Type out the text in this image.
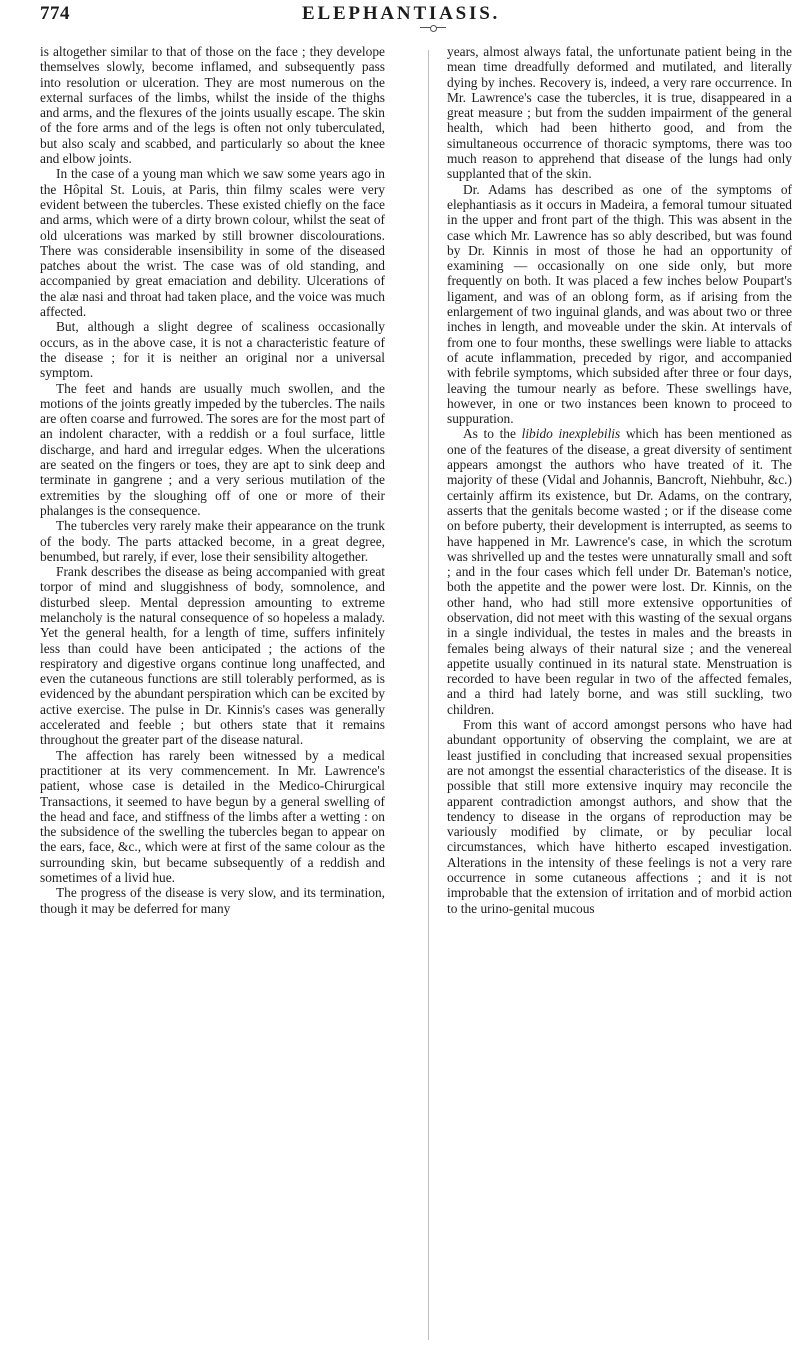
774	ELEPHANTIASIS.

is altogether similar to that of those on the face ; they develope themselves slowly, become inflamed, and subsequently pass into resolution or ulceration. They are most numerous on the external surfaces of the limbs, whilst the inside of the thighs and arms, and the flexures of the joints usually escape. The skin of the fore arms and of the legs is often not only tuberculated, but also scaly and scabbed, and particularly so about the knee and elbow joints.

In the case of a young man which we saw some years ago in the Hôpital St. Louis, at Paris, thin filmy scales were very evident between the tubercles. These existed chiefly on the face and arms, which were of a dirty brown colour, whilst the seat of old ulcerations was marked by still browner discolourations. There was considerable insensibility in some of the diseased patches about the wrist. The case was of old standing, and accompanied by great emaciation and debility. Ulcerations of the alæ nasi and throat had taken place, and the voice was much affected.

But, although a slight degree of scaliness occasionally occurs, as in the above case, it is not a characteristic feature of the disease ; for it is neither an original nor a universal symptom.

The feet and hands are usually much swollen, and the motions of the joints greatly impeded by the tubercles. The nails are often coarse and furrowed. The sores are for the most part of an indolent character, with a reddish or a foul surface, little discharge, and hard and irregular edges. When the ulcerations are seated on the fingers or toes, they are apt to sink deep and terminate in gangrene ; and a very serious mutilation of the extremities by the sloughing off of one or more of their phalanges is the consequence.

The tubercles very rarely make their appearance on the trunk of the body. The parts attacked become, in a great degree, benumbed, but rarely, if ever, lose their sensibility altogether.

Frank describes the disease as being accompanied with great torpor of mind and sluggishness of body, somnolence, and disturbed sleep. Mental depression amounting to extreme melancholy is the natural consequence of so hopeless a malady. Yet the general health, for a length of time, suffers infinitely less than could have been anticipated ; the actions of the respiratory and digestive organs continue long unaffected, and even the cutaneous functions are still tolerably performed, as is evidenced by the abundant perspiration which can be excited by active exercise. The pulse in Dr. Kinnis's cases was generally accelerated and feeble ; but others state that it remains throughout the greater part of the disease natural.

The affection has rarely been witnessed by a medical practitioner at its very commencement. In Mr. Lawrence's patient, whose case is detailed in the Medico-Chirurgical Transactions, it seemed to have begun by a general swelling of the head and face, and stiffness of the limbs after a wetting : on the subsidence of the swelling the tubercles began to appear on the ears, face, &c., which were at first of the same colour as the surrounding skin, but became subsequently of a reddish and sometimes of a livid hue.

The progress of the disease is very slow, and its termination, though it may be deferred for many

years, almost always fatal, the unfortunate patient being in the mean time dreadfully deformed and mutilated, and literally dying by inches. Recovery is, indeed, a very rare occurrence. In Mr. Lawrence's case the tubercles, it is true, disappeared in a great measure ; but from the sudden impairment of the general health, which had been hitherto good, and from the simultaneous occurrence of thoracic symptoms, there was too much reason to apprehend that disease of the lungs had only supplanted that of the skin.

Dr. Adams has described as one of the symptoms of elephantiasis as it occurs in Madeira, a femoral tumour situated in the upper and front part of the thigh. This was absent in the case which Mr. Lawrence has so ably described, but was found by Dr. Kinnis in most of those he had an opportunity of examining — occasionally on one side only, but more frequently on both. It was placed a few inches below Poupart's ligament, and was of an oblong form, as if arising from the enlargement of two inguinal glands, and was about two or three inches in length, and moveable under the skin. At intervals of from one to four months, these swellings were liable to attacks of acute inflammation, preceded by rigor, and accompanied with febrile symptoms, which subsided after three or four days, leaving the tumour nearly as before. These swellings have, however, in one or two instances been known to proceed to suppuration.

As to the libido inexplebilis which has been mentioned as one of the features of the disease, a great diversity of sentiment appears amongst the authors who have treated of it. The majority of these (Vidal and Johannis, Bancroft, Niehbuhr, &c.) certainly affirm its existence, but Dr. Adams, on the contrary, asserts that the genitals become wasted ; or if the disease come on before puberty, their development is interrupted, as seems to have happened in Mr. Lawrence's case, in which the scrotum was shrivelled up and the testes were unnaturally small and soft ; and in the four cases which fell under Dr. Bateman's notice, both the appetite and the power were lost. Dr. Kinnis, on the other hand, who had still more extensive opportunities of observation, did not meet with this wasting of the sexual organs in a single individual, the testes in males and the breasts in females being always of their natural size ; and the venereal appetite usually continued in its natural state. Menstruation is recorded to have been regular in two of the affected females, and a third had lately borne, and was still suckling, two children.

From this want of accord amongst persons who have had abundant opportunity of observing the complaint, we are at least justified in concluding that increased sexual propensities are not amongst the essential characteristics of the disease. It is possible that still more extensive inquiry may reconcile the apparent contradiction amongst authors, and show that the tendency to disease in the organs of reproduction may be variously modified by climate, or by peculiar local circumstances, which have hitherto escaped investigation. Alterations in the intensity of these feelings is not a very rare occurrence in some cutaneous affections ; and it is not improbable that the extension of irritation and of morbid action to the urino-genital mucous
